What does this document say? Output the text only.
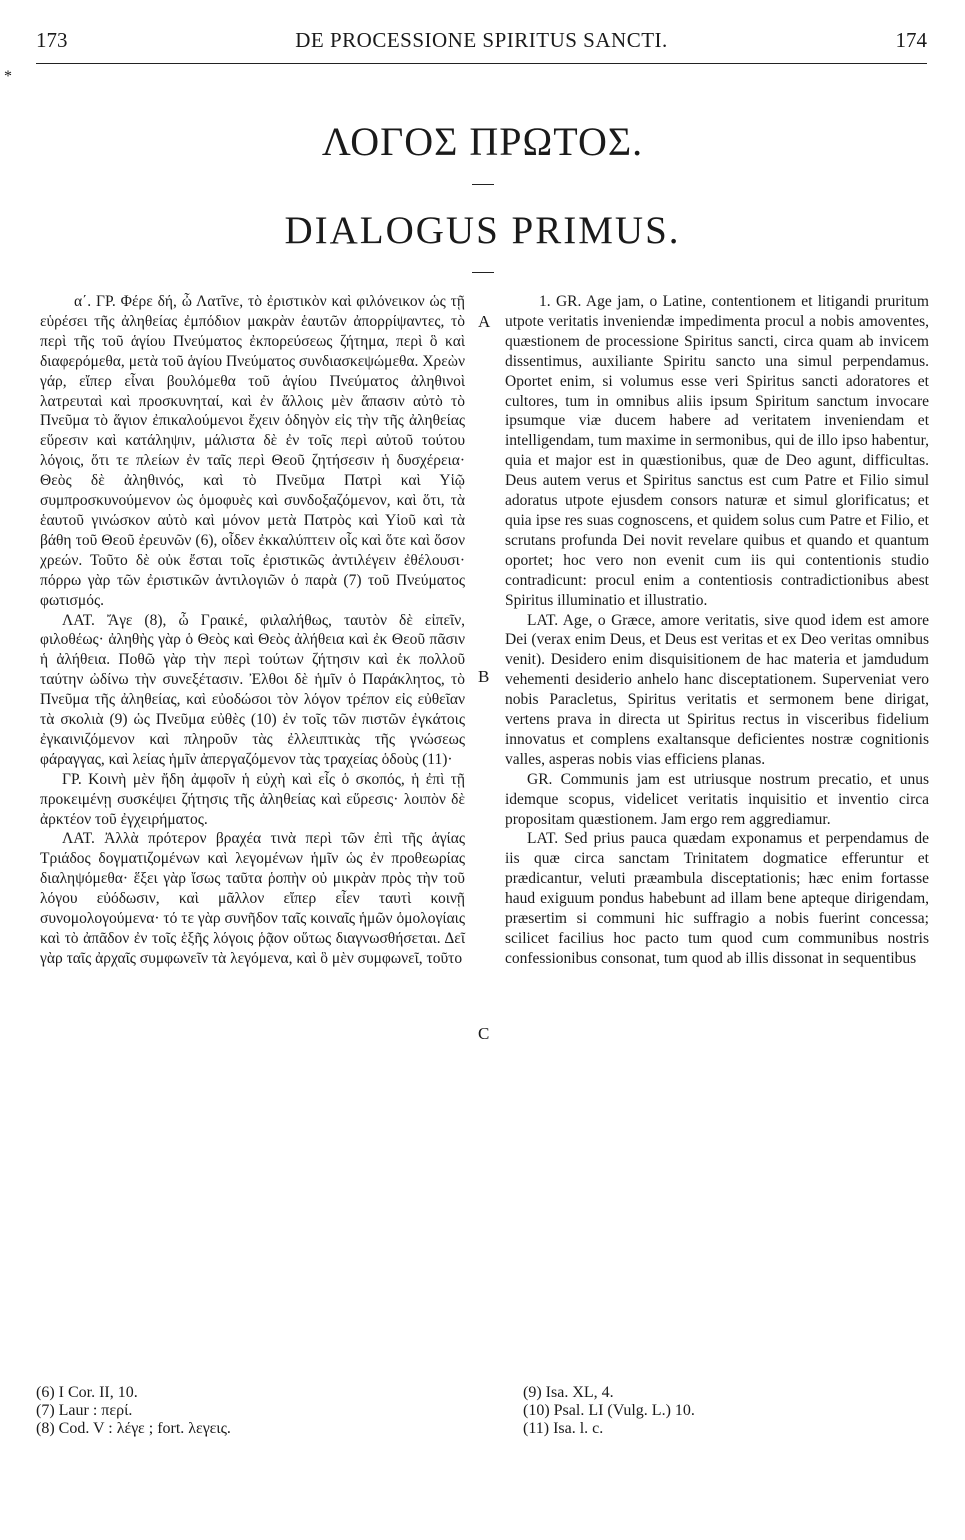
173	DE PROCESSIONE SPIRITUS SANCTI.	174
*
ΛΟΓΟΣ ΠΡΩΤΟΣ.
DIALOGUS PRIMUS.

α΄. ΓΡ. Φέρε δή, ὦ Λατῖνε, τὸ ἐριστικὸν καὶ φιλόνεικον ὡς τῇ εὑρέσει τῆς ἀληθείας ἐμπόδιον μακρὰν ἑαυτῶν ἀπορρίψαντες, τὸ περὶ τῆς τοῦ ἁγίου Πνεύματος ἐκπορεύσεως ζήτημα, περὶ ὃ καὶ διαφερόμεθα, μετὰ τοῦ ἁγίου Πνεύματος συνδιασκεψώμεθα. Χρεὼν γάρ, εἴπερ εἶναι βουλόμεθα τοῦ ἁγίου Πνεύματος ἀληθινοὶ λατρευταὶ καὶ προσκυνηταί, καὶ ἐν ἄλλοις μὲν ἅπασιν αὐτὸ τὸ Πνεῦμα τὸ ἅγιον ἐπικαλούμενοι ἔχειν ὁδηγὸν εἰς τὴν τῆς ἀληθείας εὕρεσιν καὶ κατάληψιν, μάλιστα δὲ ἐν τοῖς περὶ αὐτοῦ τούτου λόγοις, ὅτι τε πλείων ἐν ταῖς περὶ Θεοῦ ζητήσεσιν ἡ δυσχέρεια· Θεὸς δὲ ἀληθινός, καὶ τὸ Πνεῦμα Πατρὶ καὶ Υἱῷ συμπροσκυνούμενον ὡς ὁμοφυὲς καὶ συνδοξαζόμενον, καὶ ὅτι, τὰ ἑαυτοῦ γινώσκον αὐτὸ καὶ μόνον μετὰ Πατρὸς καὶ Υἱοῦ καὶ τὰ βάθη τοῦ Θεοῦ ἐρευνῶν (6), οἶδεν ἐκκαλύπτειν οἷς καὶ ὅτε καὶ ὅσον χρεών. Τοῦτο δὲ οὐκ ἔσται τοῖς ἐριστικῶς ἀντιλέγειν ἐθέλουσι· πόρρω γὰρ τῶν ἐριστικῶν ἀντιλογιῶν ὁ παρὰ (7) τοῦ Πνεύματος φωτισμός.

ΛΑΤ. Ἄγε (8), ὦ Γραικέ, φιλαλήθως, ταυτὸν δὲ εἰπεῖν, φιλοθέως· ἀληθὴς γὰρ ὁ Θεὸς καὶ Θεὸς ἀλήθεια καὶ ἐκ Θεοῦ πᾶσιν ἡ ἀλήθεια. Ποθῶ γὰρ τὴν περὶ τούτων ζήτησιν καὶ ἐκ πολλοῦ ταύτην ὠδίνω τὴν συνεξέτασιν. Ἐλθοι δὲ ἡμῖν ὁ Παράκλητος, τὸ Πνεῦμα τῆς ἀληθείας, καὶ εὐοδώσοι τὸν λόγον τρέπον εἰς εὐθεῖαν τὰ σκολιὰ (9) ὡς Πνεῦμα εὐθὲς (10) ἐν τοῖς τῶν πιστῶν ἐγκάτοις ἐγκαινιζόμενον καὶ πληροῦν τὰς ἐλλειπτικὰς τῆς γνώσεως φάραγγας, καὶ λείας ἡμῖν ἀπεργαζόμενον τὰς τραχείας ὁδοὺς (11)·

ΓΡ. Κοινὴ μὲν ἤδη ἀμφοῖν ἡ εὐχὴ καὶ εἷς ὁ σκοπός, ἡ ἐπὶ τῇ προκειμένῃ συσκέψει ζήτησις τῆς ἀληθείας καὶ εὕρεσις· λοιπὸν δὲ ἀρκτέον τοῦ ἐγχειρήματος.

ΛΑΤ. Ἀλλὰ πρότερον βραχέα τινὰ περὶ τῶν ἐπὶ τῆς ἁγίας Τριάδος δογματιζομένων καὶ λεγομένων ἡμῖν ὡς ἐν προθεωρίας διαληψόμεθα· ἕξει γὰρ ἴσως ταῦτα ῥοπὴν οὐ μικρὰν πρὸς τὴν τοῦ λόγου εὐόδωσιν, καὶ μᾶλλον εἴπερ εἶεν ταυτὶ κοινῇ συνομολογούμενα· τό τε γὰρ συνῆδον ταῖς κοιναῖς ἡμῶν ὁμολογίαις καὶ τὸ ἀπᾶδον ἐν τοῖς ἑξῆς λόγοις ῥᾷον οὕτως διαγνωσθήσεται. Δεῖ γὰρ ταῖς ἀρχαῖς συμφωνεῖν τὰ λεγόμενα, καὶ ὃ μὲν συμφωνεῖ, τοῦτο

A
B
C

1. GR. Age jam, o Latine, contentionem et litigandi pruritum utpote veritatis inveniendæ impedimenta procul a nobis amoventes, quæstionem de processione Spiritus sancti, circa quam ab invicem dissentimus, auxiliante Spiritu sancto una simul perpendamus. Oportet enim, si volumus esse veri Spiritus sancti adoratores et cultores, tum in omnibus aliis ipsum Spiritum sanctum invocare ipsumque viæ ducem habere ad veritatem inveniendam et intelligendam, tum maxime in sermonibus, qui de illo ipso habentur, quia et major est in quæstionibus, quæ de Deo agunt, difficultas. Deus autem verus et Spiritus sanctus est cum Patre et Filio simul adoratus utpote ejusdem consors naturæ et simul glorificatus; et quia ipse res suas cognoscens, et quidem solus cum Patre et Filio, et scrutans profunda Dei novit revelare quibus et quando et quantum oportet; hoc vero non evenit cum iis qui contentionis studio contradicunt: procul enim a contentiosis contradictionibus abest Spiritus illuminatio et illustratio.

LAT. Age, o Græce, amore veritatis, sive quod idem est amore Dei (verax enim Deus, et Deus est veritas et ex Deo veritas omnibus venit). Desidero enim disquisitionem de hac materia et jamdudum vehementi desiderio anhelo hanc disceptationem. Superveniat vero nobis Paracletus, Spiritus veritatis et sermonem bene dirigat, vertens prava in directa ut Spiritus rectus in visceribus fidelium innovatus et complens exaltansque deficientes nostræ cognitionis valles, asperas nobis vias efficiens planas.

GR. Communis jam est utriusque nostrum precatio, et unus idemque scopus, videlicet veritatis inquisitio et inventio circa propositam quæstionem. Jam ergo rem aggrediamur.

LAT. Sed prius pauca quædam exponamus et perpendamus de iis quæ circa sanctam Trinitatem dogmatice efferuntur et prædicantur, veluti præambula disceptationis; hæc enim fortasse haud exiguum pondus habebunt ad illam bene apteque dirigendam, præsertim si communi hic suffragio a nobis fuerint concessa; scilicet facilius hoc pacto tum quod cum communibus nostris confessionibus consonat, tum quod ab illis dissonat in sequentibus

(6) I Cor. II, 10.
(7) Laur : περί.
(8) Cod. V : λέγε ; fort. λεγεις.
(9) Isa. XL, 4.
(10) Psal. LI (Vulg. L.) 10.
(11) Isa. l. c.
